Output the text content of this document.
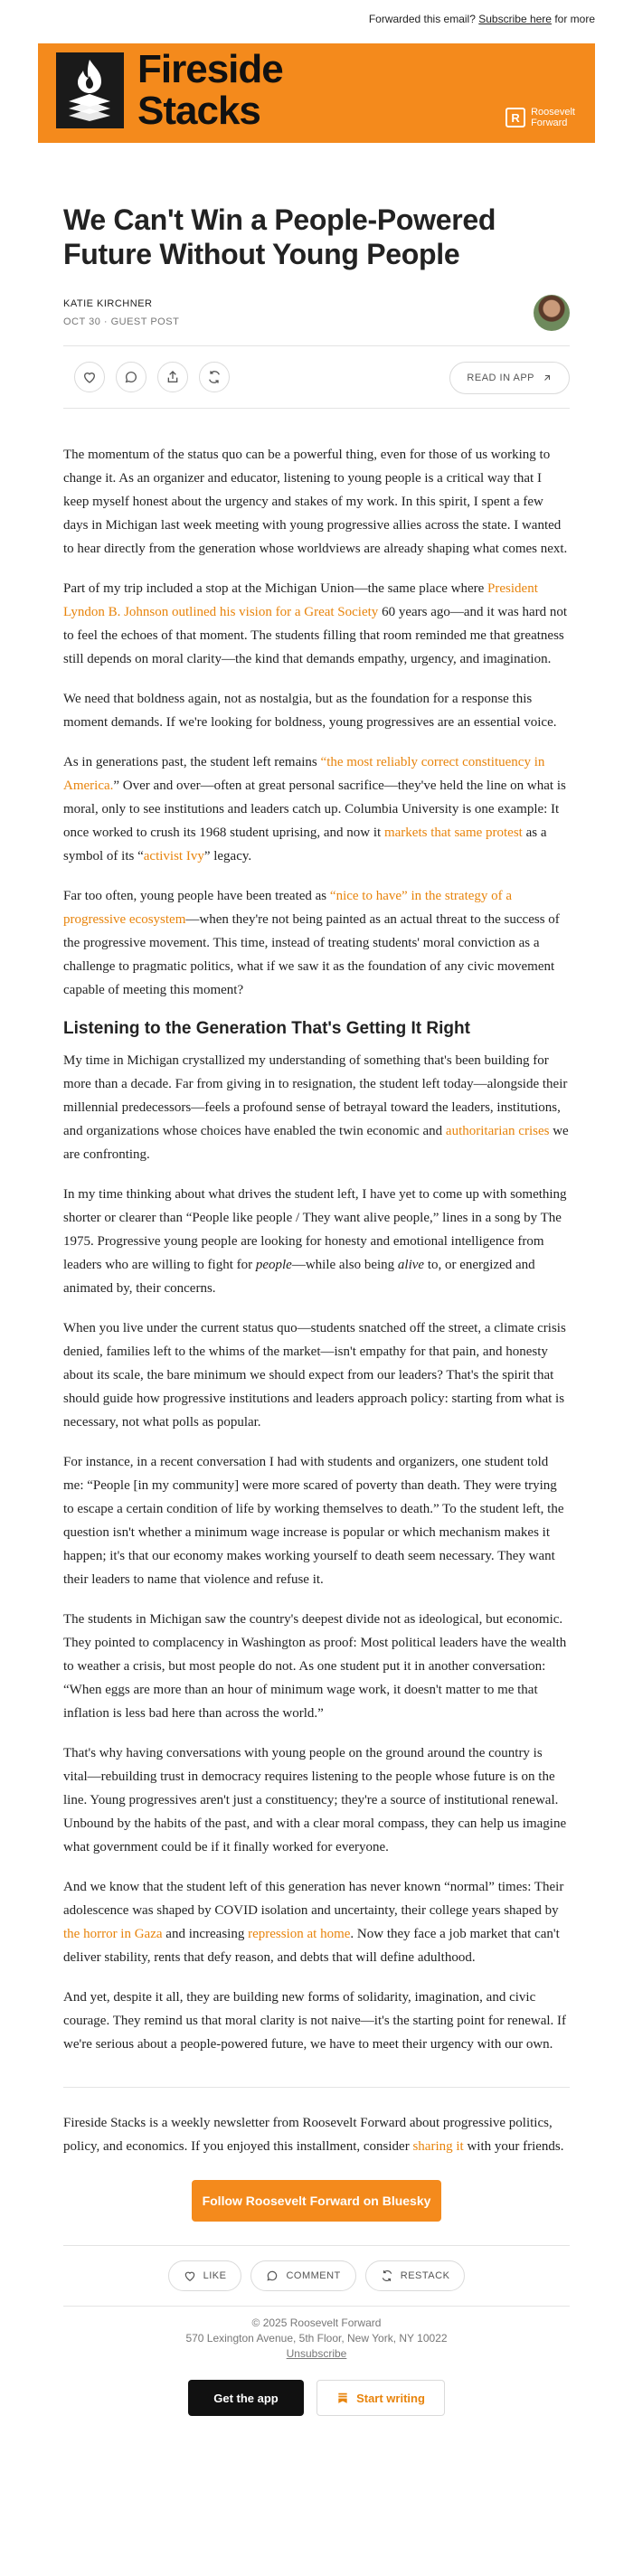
Forwarded this email? Subscribe here for more
Fireside
Stacks	R	Roosevelt
Forward
We Can't Win a People-Powered Future Without Young People
KATIE KIRCHNER
OCT 30 · GUEST POST
READ IN APP

The momentum of the status quo can be a powerful thing, even for those of us working to change it. As an organizer and educator, listening to young people is a critical way that I keep myself honest about the urgency and stakes of my work. In this spirit, I spent a few days in Michigan last week meeting with young progressive allies across the state. I wanted to hear directly from the generation whose worldviews are already shaping what comes next.

Part of my trip included a stop at the Michigan Union—the same place where President Lyndon B. Johnson outlined his vision for a Great Society 60 years ago—and it was hard not to feel the echoes of that moment. The students filling that room reminded me that greatness still depends on moral clarity—the kind that demands empathy, urgency, and imagination.

We need that boldness again, not as nostalgia, but as the foundation for a response this moment demands. If we're looking for boldness, young progressives are an essential voice.

As in generations past, the student left remains “the most reliably correct constituency in America.” Over and over—often at great personal sacrifice—they've held the line on what is moral, only to see institutions and leaders catch up. Columbia University is one example: It once worked to crush its 1968 student uprising, and now it markets that same protest as a symbol of its “activist Ivy” legacy.

Far too often, young people have been treated as “nice to have” in the strategy of a progressive ecosystem—when they're not being painted as an actual threat to the success of the progressive movement. This time, instead of treating students' moral conviction as a challenge to pragmatic politics, what if we saw it as the foundation of any civic movement capable of meeting this moment?

Listening to the Generation That's Getting It Right

My time in Michigan crystallized my understanding of something that's been building for more than a decade. Far from giving in to resignation, the student left today—alongside their millennial predecessors—feels a profound sense of betrayal toward the leaders, institutions, and organizations whose choices have enabled the twin economic and authoritarian crises we are confronting.

In my time thinking about what drives the student left, I have yet to come up with something shorter or clearer than “People like people / They want alive people,” lines in a song by The 1975. Progressive young people are looking for honesty and emotional intelligence from leaders who are willing to fight for people—while also being alive to, or energized and animated by, their concerns.

When you live under the current status quo—students snatched off the street, a climate crisis denied, families left to the whims of the market—isn't empathy for that pain, and honesty about its scale, the bare minimum we should expect from our leaders? That's the spirit that should guide how progressive institutions and leaders approach policy: starting from what is necessary, not what polls as popular.

For instance, in a recent conversation I had with students and organizers, one student told me: “People [in my community] were more scared of poverty than death. They were trying to escape a certain condition of life by working themselves to death.” To the student left, the question isn't whether a minimum wage increase is popular or which mechanism makes it happen; it's that our economy makes working yourself to death seem necessary. They want their leaders to name that violence and refuse it.

The students in Michigan saw the country's deepest divide not as ideological, but economic. They pointed to complacency in Washington as proof: Most political leaders have the wealth to weather a crisis, but most people do not. As one student put it in another conversation: “When eggs are more than an hour of minimum wage work, it doesn't matter to me that inflation is less bad here than across the world.”

That's why having conversations with young people on the ground around the country is vital—rebuilding trust in democracy requires listening to the people whose future is on the line. Young progressives aren't just a constituency; they're a source of institutional renewal. Unbound by the habits of the past, and with a clear moral compass, they can help us imagine what government could be if it finally worked for everyone.

And we know that the student left of this generation has never known “normal” times: Their adolescence was shaped by COVID isolation and uncertainty, their college years shaped by the horror in Gaza and increasing repression at home. Now they face a job market that can't deliver stability, rents that defy reason, and debts that will define adulthood.

And yet, despite it all, they are building new forms of solidarity, imagination, and civic courage. They remind us that moral clarity is not naive—it's the starting point for renewal. If we're serious about a people-powered future, we have to meet their urgency with our own.

Fireside Stacks is a weekly newsletter from Roosevelt Forward about progressive politics, policy, and economics. If you enjoyed this installment, consider sharing it with your friends.
Follow Roosevelt Forward on Bluesky
LIKE	COMMENT	RESTACK
© 2025 Roosevelt Forward
570 Lexington Avenue, 5th Floor, New York, NY 10022
Unsubscribe
Get the app	Start writing
